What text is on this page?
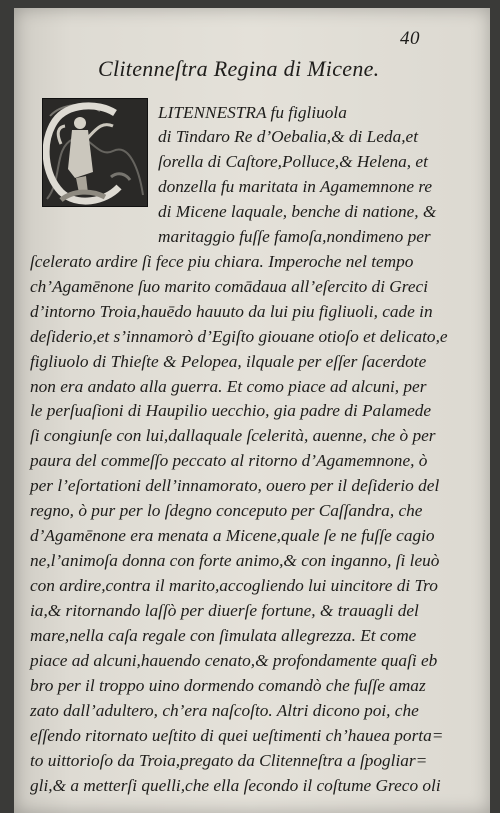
40
Clitenneſtra Regina di Micene.
LITENNESTRA fu figliuola
di Tindaro Re d’Oebalia,& di Leda,et
ſorella di Caſtore,Polluce,& Helena, et
donzella fu maritata in Agamemnone re
di Micene laquale, benche di natione, &
maritaggio fuſſe famoſa,nondimeno per
ſcelerato ardire ſi fece piu chiara. Imperoche nel tempo
ch’Agamēnone ſuo marito comādaua all’eſercito di Greci
d’intorno Troia,hauēdo hauuto da lui piu figliuoli, cade in
deſiderio,et s’innamorò d’Egiſto giouane otioſo et delicato,e
figliuolo di Thieſte & Pelopea, ilquale per eſſer ſacerdote
non era andato alla guerra. Et como piace ad alcuni, per
le perſuaſioni di Haupilio uecchio, gia padre di Palamede
ſi congiunſe con lui,dallaquale ſcelerità, auenne, che ò per
paura del commeſſo peccato al ritorno d’Agamemnone, ò
per l’eſortationi dell’innamorato, ouero per il deſiderio del
regno, ò pur per lo ſdegno conceputo per Caſſandra, che
d’Agamēnone era menata a Micene,quale ſe ne fuſſe cagio
ne,l’animoſa donna con forte animo,& con inganno, ſi leuò
con ardire,contra il marito,accogliendo lui uincitore di Tro
ia,& ritornando laſſò per diuerſe fortune, & trauagli del
mare,nella caſa regale con ſimulata allegrezza. Et come
piace ad alcuni,hauendo cenato,& profondamente quaſi eb
bro per il troppo uino dormendo comandò che fuſſe amaz
zato dall’adultero, ch’era naſcoſto. Altri dicono poi, che
eſſendo ritornato ueſtito di quei ueſtimenti ch’haueа porta=
to uittorioſo da Troia,pregato da Clitenneſtra a ſpogliar=
gli,& a metterſi quelli,che ella ſecondo il coſtume Greco oli
